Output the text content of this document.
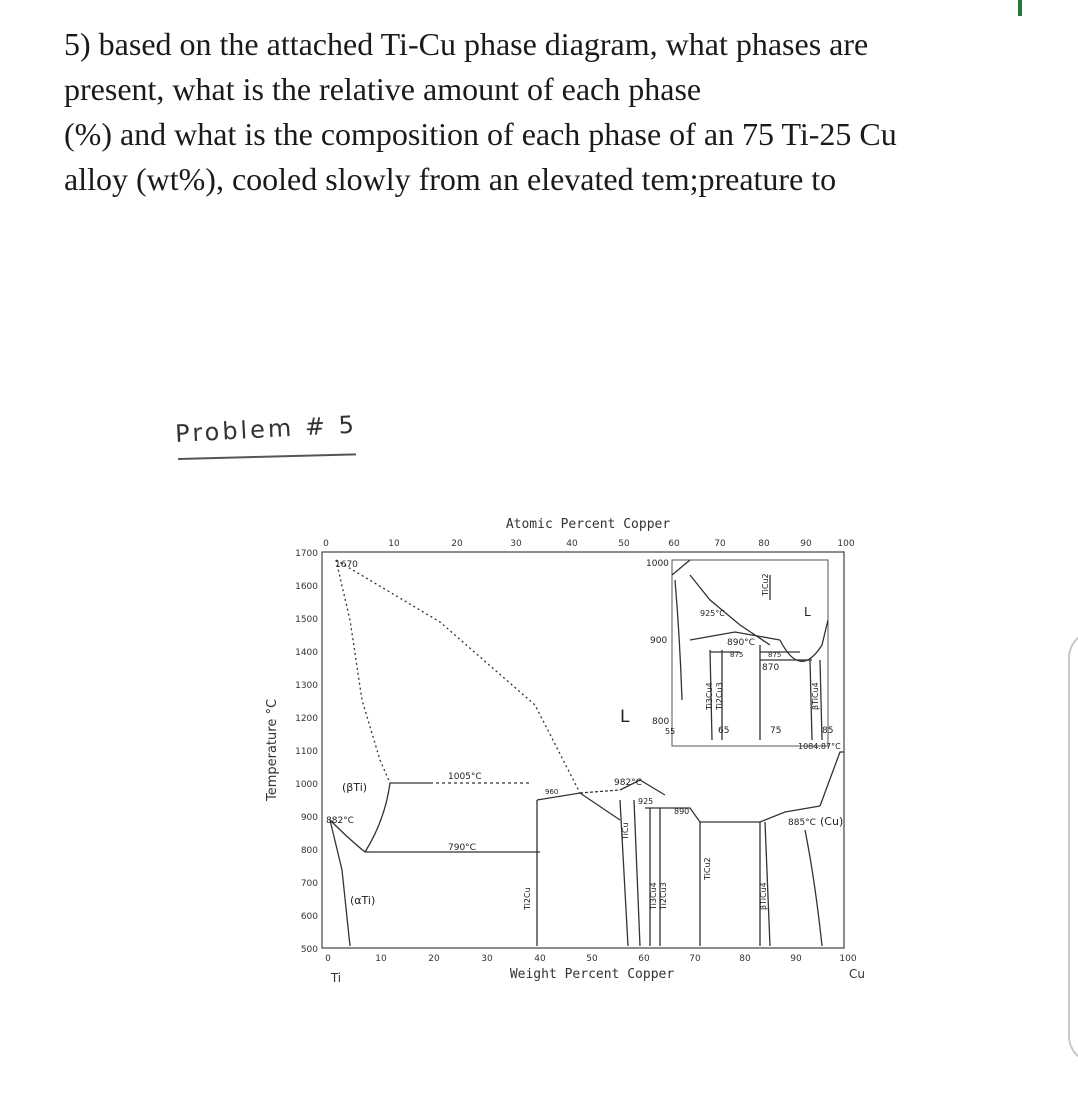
5) based on the attached Ti-Cu phase diagram, what phases are
present, what is the relative amount of each phase
(%) and what is the composition of each phase of an 75 Ti-25 Cu
alloy (wt%), cooled slowly from an elevated tem;preature to
Problem # 5
Atomic Percent Copper
0	10	20	30	40	50	60	70	80	90	100
Temperature °C
1700
1600
1500
1400
1300
1200
1100
1000
900
800
700
600
500
0	10	20	30	40	50	60	70	80	90	100
Ti	Cu
Weight Percent Copper
1670
(βTi)
(αTi)
882°C
1005°C
790°C
960
982°C
925
890
1000
900
800
55
L
925°C
890°C
875	875
870
65	75	85
L
1084.87°C
885°C (Cu)
Ti2Cu
TiCu
Ti3Cu4 Ti2Cu3
TiCu2
βTiCu4
Ti3Cu4 Ti2Cu3
TiCu2
βTiCu4
